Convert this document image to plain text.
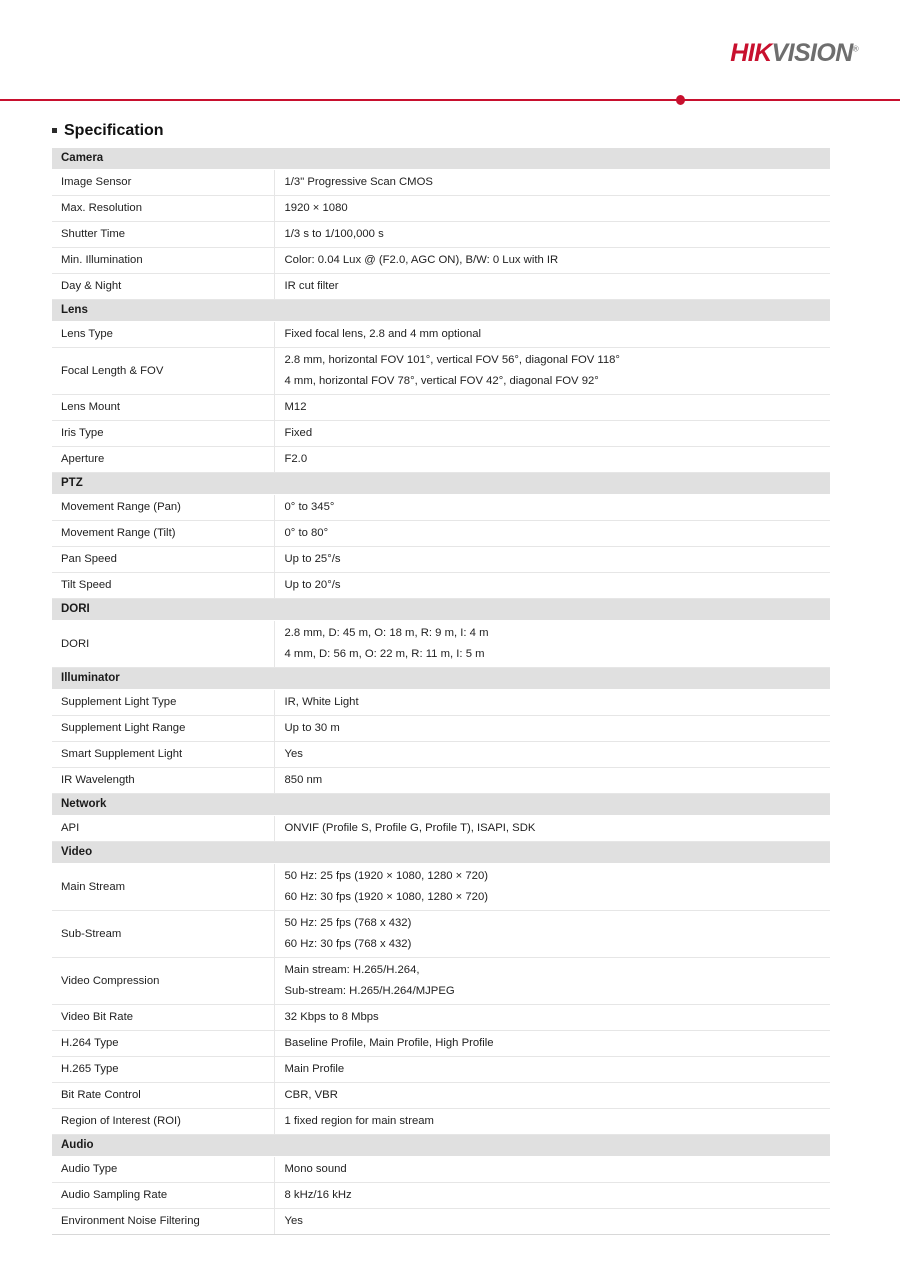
HIKVISION®
Specification
Camera	
Image Sensor	1/3" Progressive Scan CMOS

Max. Resolution	1920 × 1080

Shutter Time	1/3 s to 1/100,000 s

Min. Illumination	Color: 0.04 Lux @ (F2.0, AGC ON), B/W: 0 Lux with IR

Day & Night	IR cut filter

Lens	
Lens Type	Fixed focal lens, 2.8 and 4 mm optional

Focal Length & FOV	2.8 mm, horizontal FOV 101°, vertical FOV 56°, diagonal FOV 118°
4 mm, horizontal FOV 78°, vertical FOV 42°, diagonal FOV 92°

Lens Mount	M12

Iris Type	Fixed

Aperture	F2.0

PTZ	
Movement Range (Pan)	0° to 345°

Movement Range (Tilt)	0° to 80°

Pan Speed	Up to 25°/s

Tilt Speed	Up to 20°/s

DORI	
DORI	2.8 mm, D: 45 m, O: 18 m, R: 9 m, I: 4 m
4 mm, D: 56 m, O: 22 m, R: 11 m, I: 5 m

Illuminator	
Supplement Light Type	IR, White Light

Supplement Light Range	Up to 30 m

Smart Supplement Light	Yes

IR Wavelength	850 nm

Network	
API	ONVIF (Profile S, Profile G, Profile T), ISAPI, SDK

Video	
Main Stream	50 Hz: 25 fps (1920 × 1080, 1280 × 720)
60 Hz: 30 fps (1920 × 1080, 1280 × 720)

Sub-Stream	50 Hz: 25 fps (768 x 432)
60 Hz: 30 fps (768 x 432)

Video Compression	Main stream: H.265/H.264,
Sub-stream: H.265/H.264/MJPEG

Video Bit Rate	32 Kbps to 8 Mbps

H.264 Type	Baseline Profile, Main Profile, High Profile

H.265 Type	Main Profile

Bit Rate Control	CBR, VBR

Region of Interest (ROI)	1 fixed region for main stream

Audio	
Audio Type	Mono sound

Audio Sampling Rate	8 kHz/16 kHz

Environment Noise Filtering	Yes
